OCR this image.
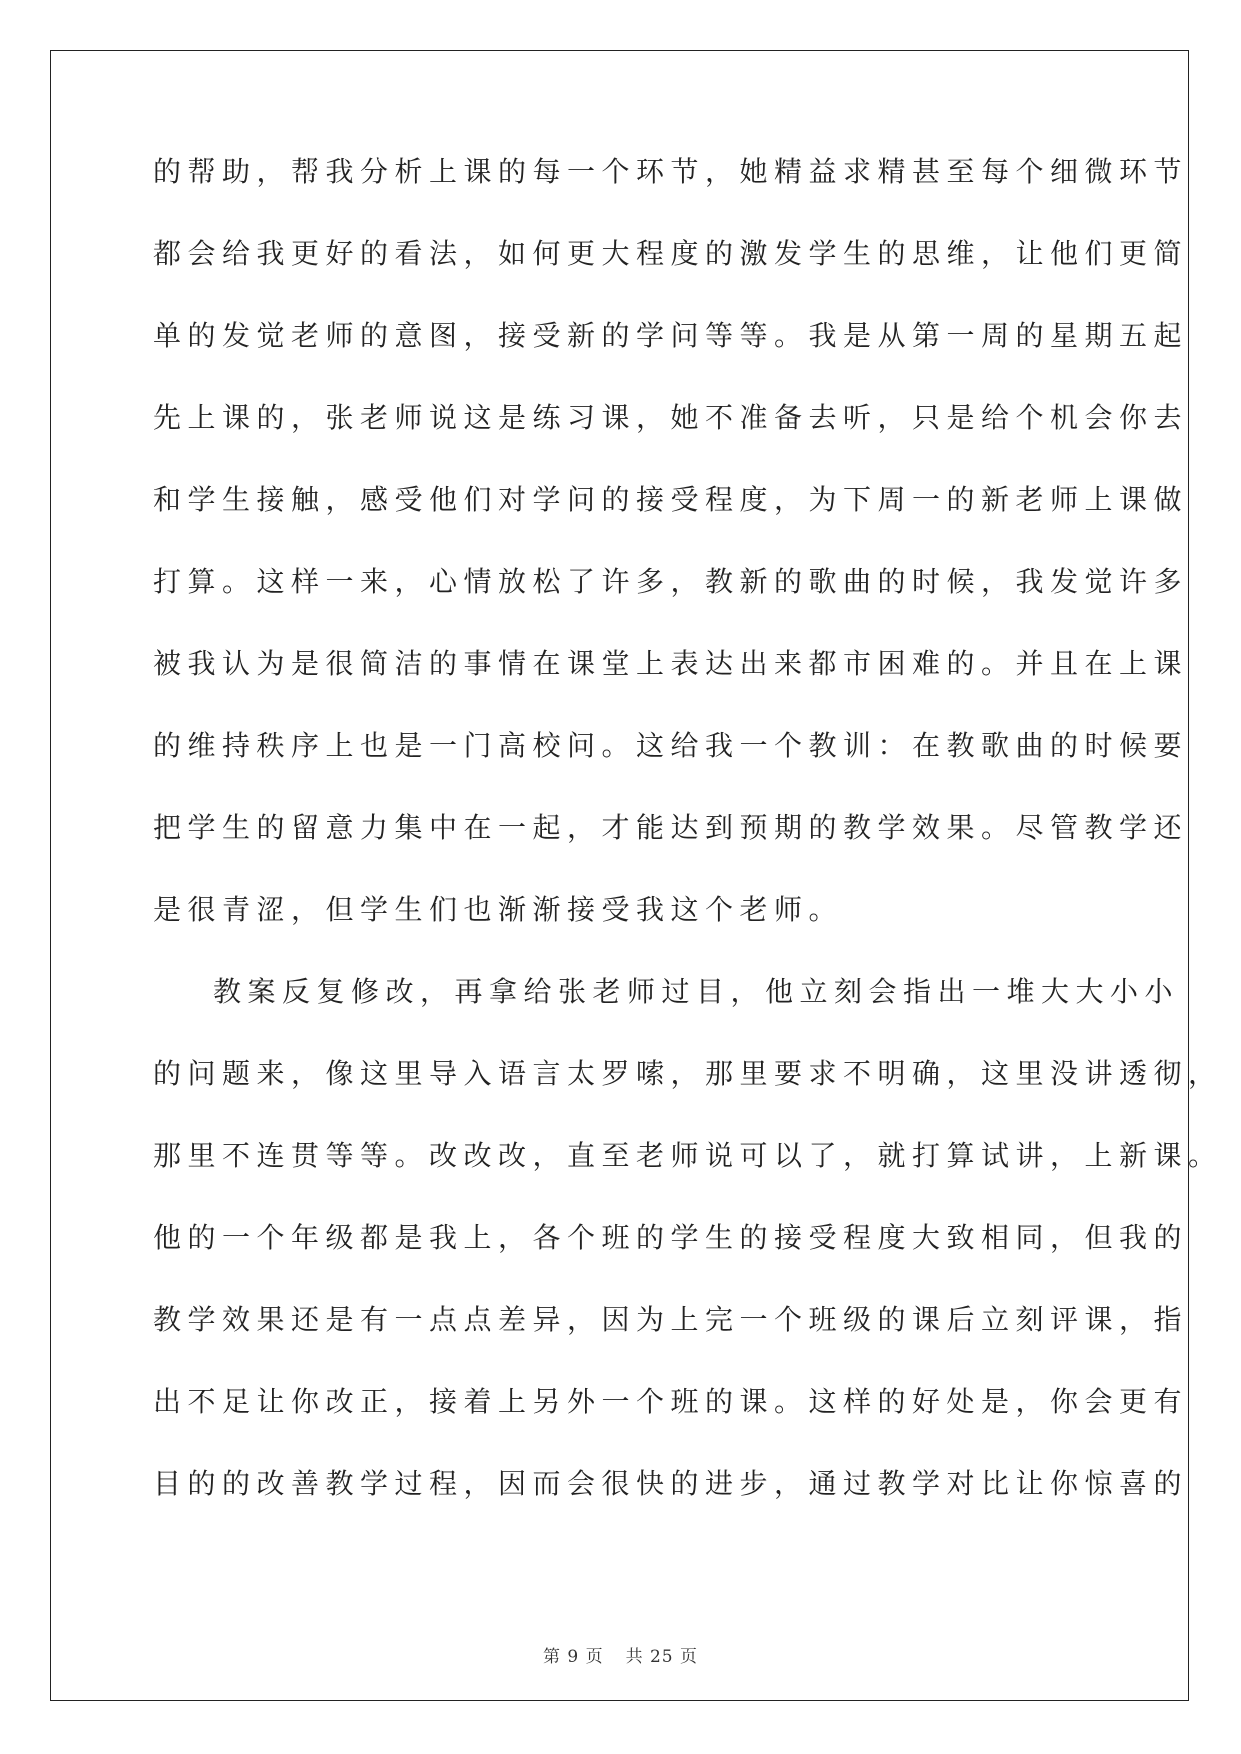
的帮助，帮我分析上课的每一个环节，她精益求精甚至每个细微环节
都会给我更好的看法，如何更大程度的激发学生的思维，让他们更简
单的发觉老师的意图，接受新的学问等等。我是从第一周的星期五起
先上课的，张老师说这是练习课，她不准备去听，只是给个机会你去
和学生接触，感受他们对学问的接受程度，为下周一的新老师上课做
打算。这样一来，心情放松了许多，教新的歌曲的时候，我发觉许多
被我认为是很简洁的事情在课堂上表达出来都市困难的。并且在上课
的维持秩序上也是一门高校问。这给我一个教训：在教歌曲的时候要
把学生的留意力集中在一起，才能达到预期的教学效果。尽管教学还
是很青涩，但学生们也渐渐接受我这个老师。
教案反复修改，再拿给张老师过目，他立刻会指出一堆大大小小
的问题来，像这里导入语言太罗嗦，那里要求不明确，这里没讲透彻，
那里不连贯等等。改改改，直至老师说可以了，就打算试讲，上新课。
他的一个年级都是我上，各个班的学生的接受程度大致相同，但我的
教学效果还是有一点点差异，因为上完一个班级的课后立刻评课，指
出不足让你改正，接着上另外一个班的课。这样的好处是，你会更有
目的的改善教学过程，因而会很快的进步，通过教学对比让你惊喜的
第 9 页 共 25 页
